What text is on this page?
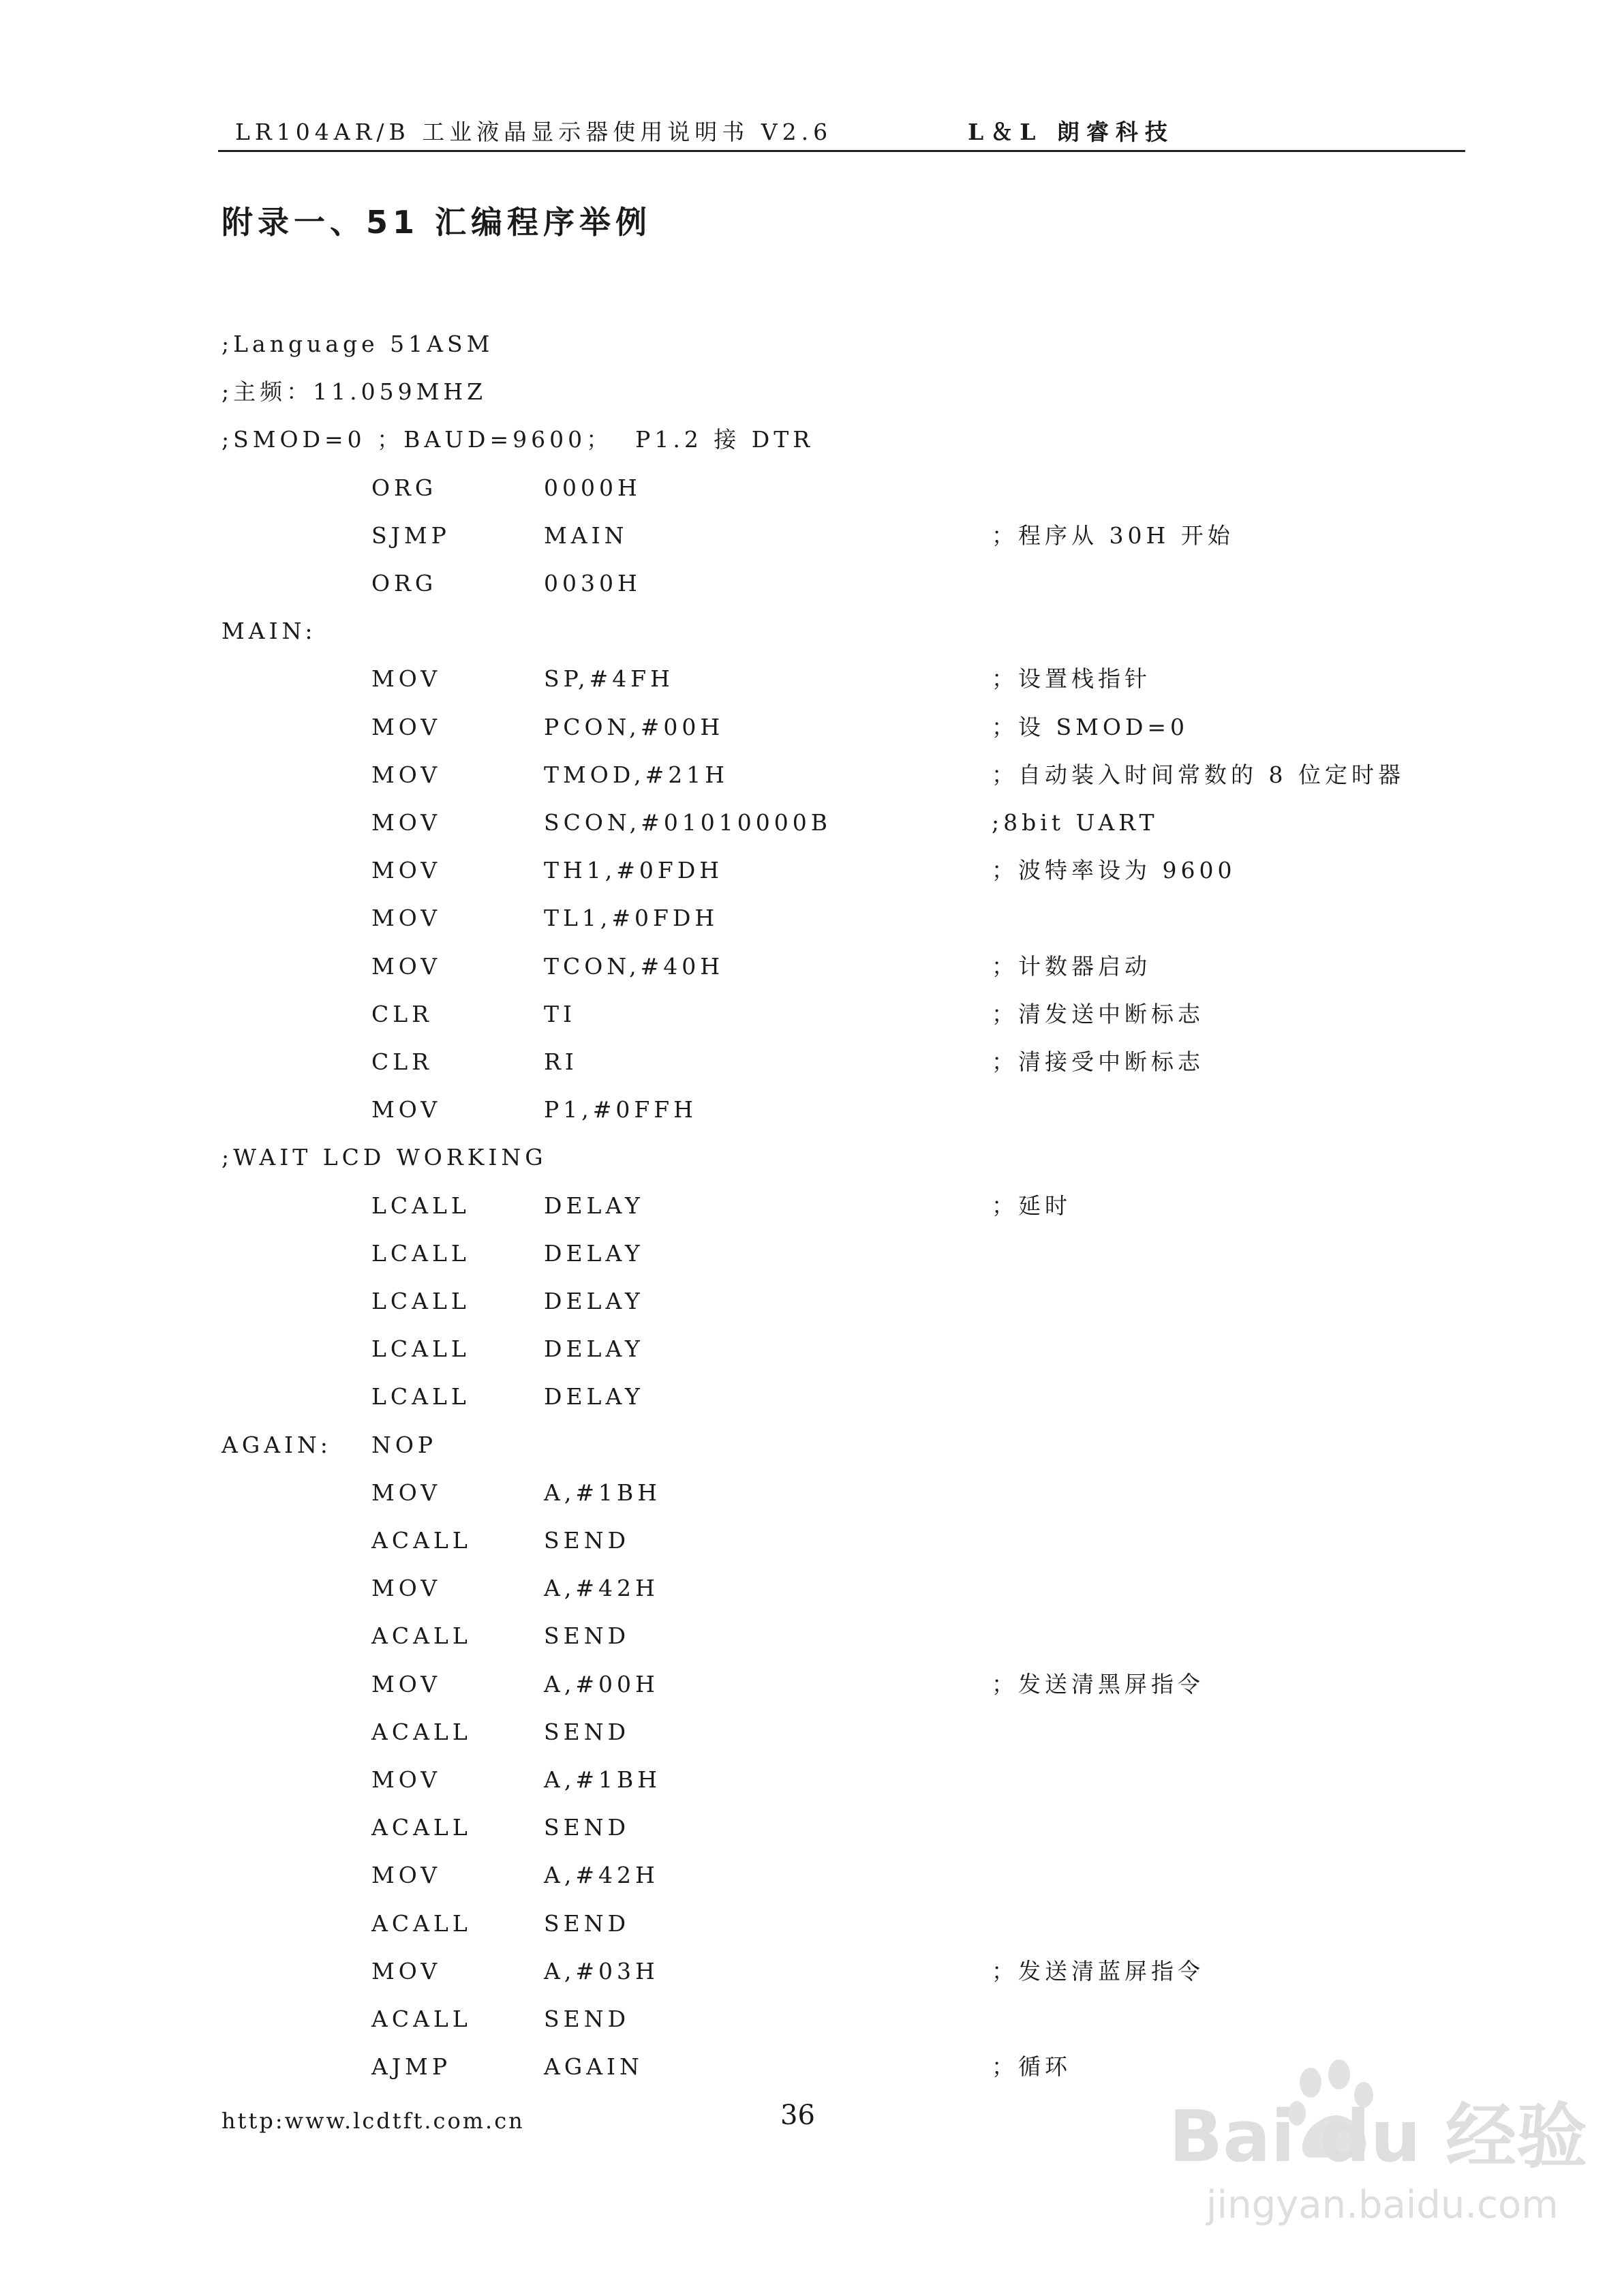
LR104AR/B 工业液晶显示器使用说明书 V2.6	L＆L 朗睿科技
附录一、51 汇编程序举例
;Language 51ASM
;主频：11.059MHZ
;SMOD=0 ；BAUD=9600；  P1.2 接 DTR
ORG	0000H
SJMP	MAIN	；程序从 30H 开始
ORG	0030H
MAIN:
MOV	SP,#4FH	；设置栈指针
MOV	PCON,#00H	；设 SMOD=0
MOV	TMOD,#21H	；自动装入时间常数的 8 位定时器
MOV	SCON,#01010000B	;8bit UART
MOV	TH1,#0FDH	；波特率设为 9600
MOV	TL1,#0FDH
MOV	TCON,#40H	；计数器启动
CLR	TI	；清发送中断标志
CLR	RI	；清接受中断标志
MOV	P1,#0FFH
;WAIT LCD WORKING
LCALL	DELAY	；延时
LCALL	DELAY
LCALL	DELAY
LCALL	DELAY
LCALL	DELAY
AGAIN: NOP
MOV	A,#1BH
ACALL	SEND
MOV	A,#42H
ACALL	SEND
MOV	A,#00H	；发送清黑屏指令
ACALL	SEND
MOV	A,#1BH
ACALL	SEND
MOV	A,#42H
ACALL	SEND
MOV	A,#03H	；发送清蓝屏指令
ACALL	SEND
AJMP	AGAIN	；循环
http:www.lcdtft.com.cn	36	Bai du 经验
jingyan.baidu.com
